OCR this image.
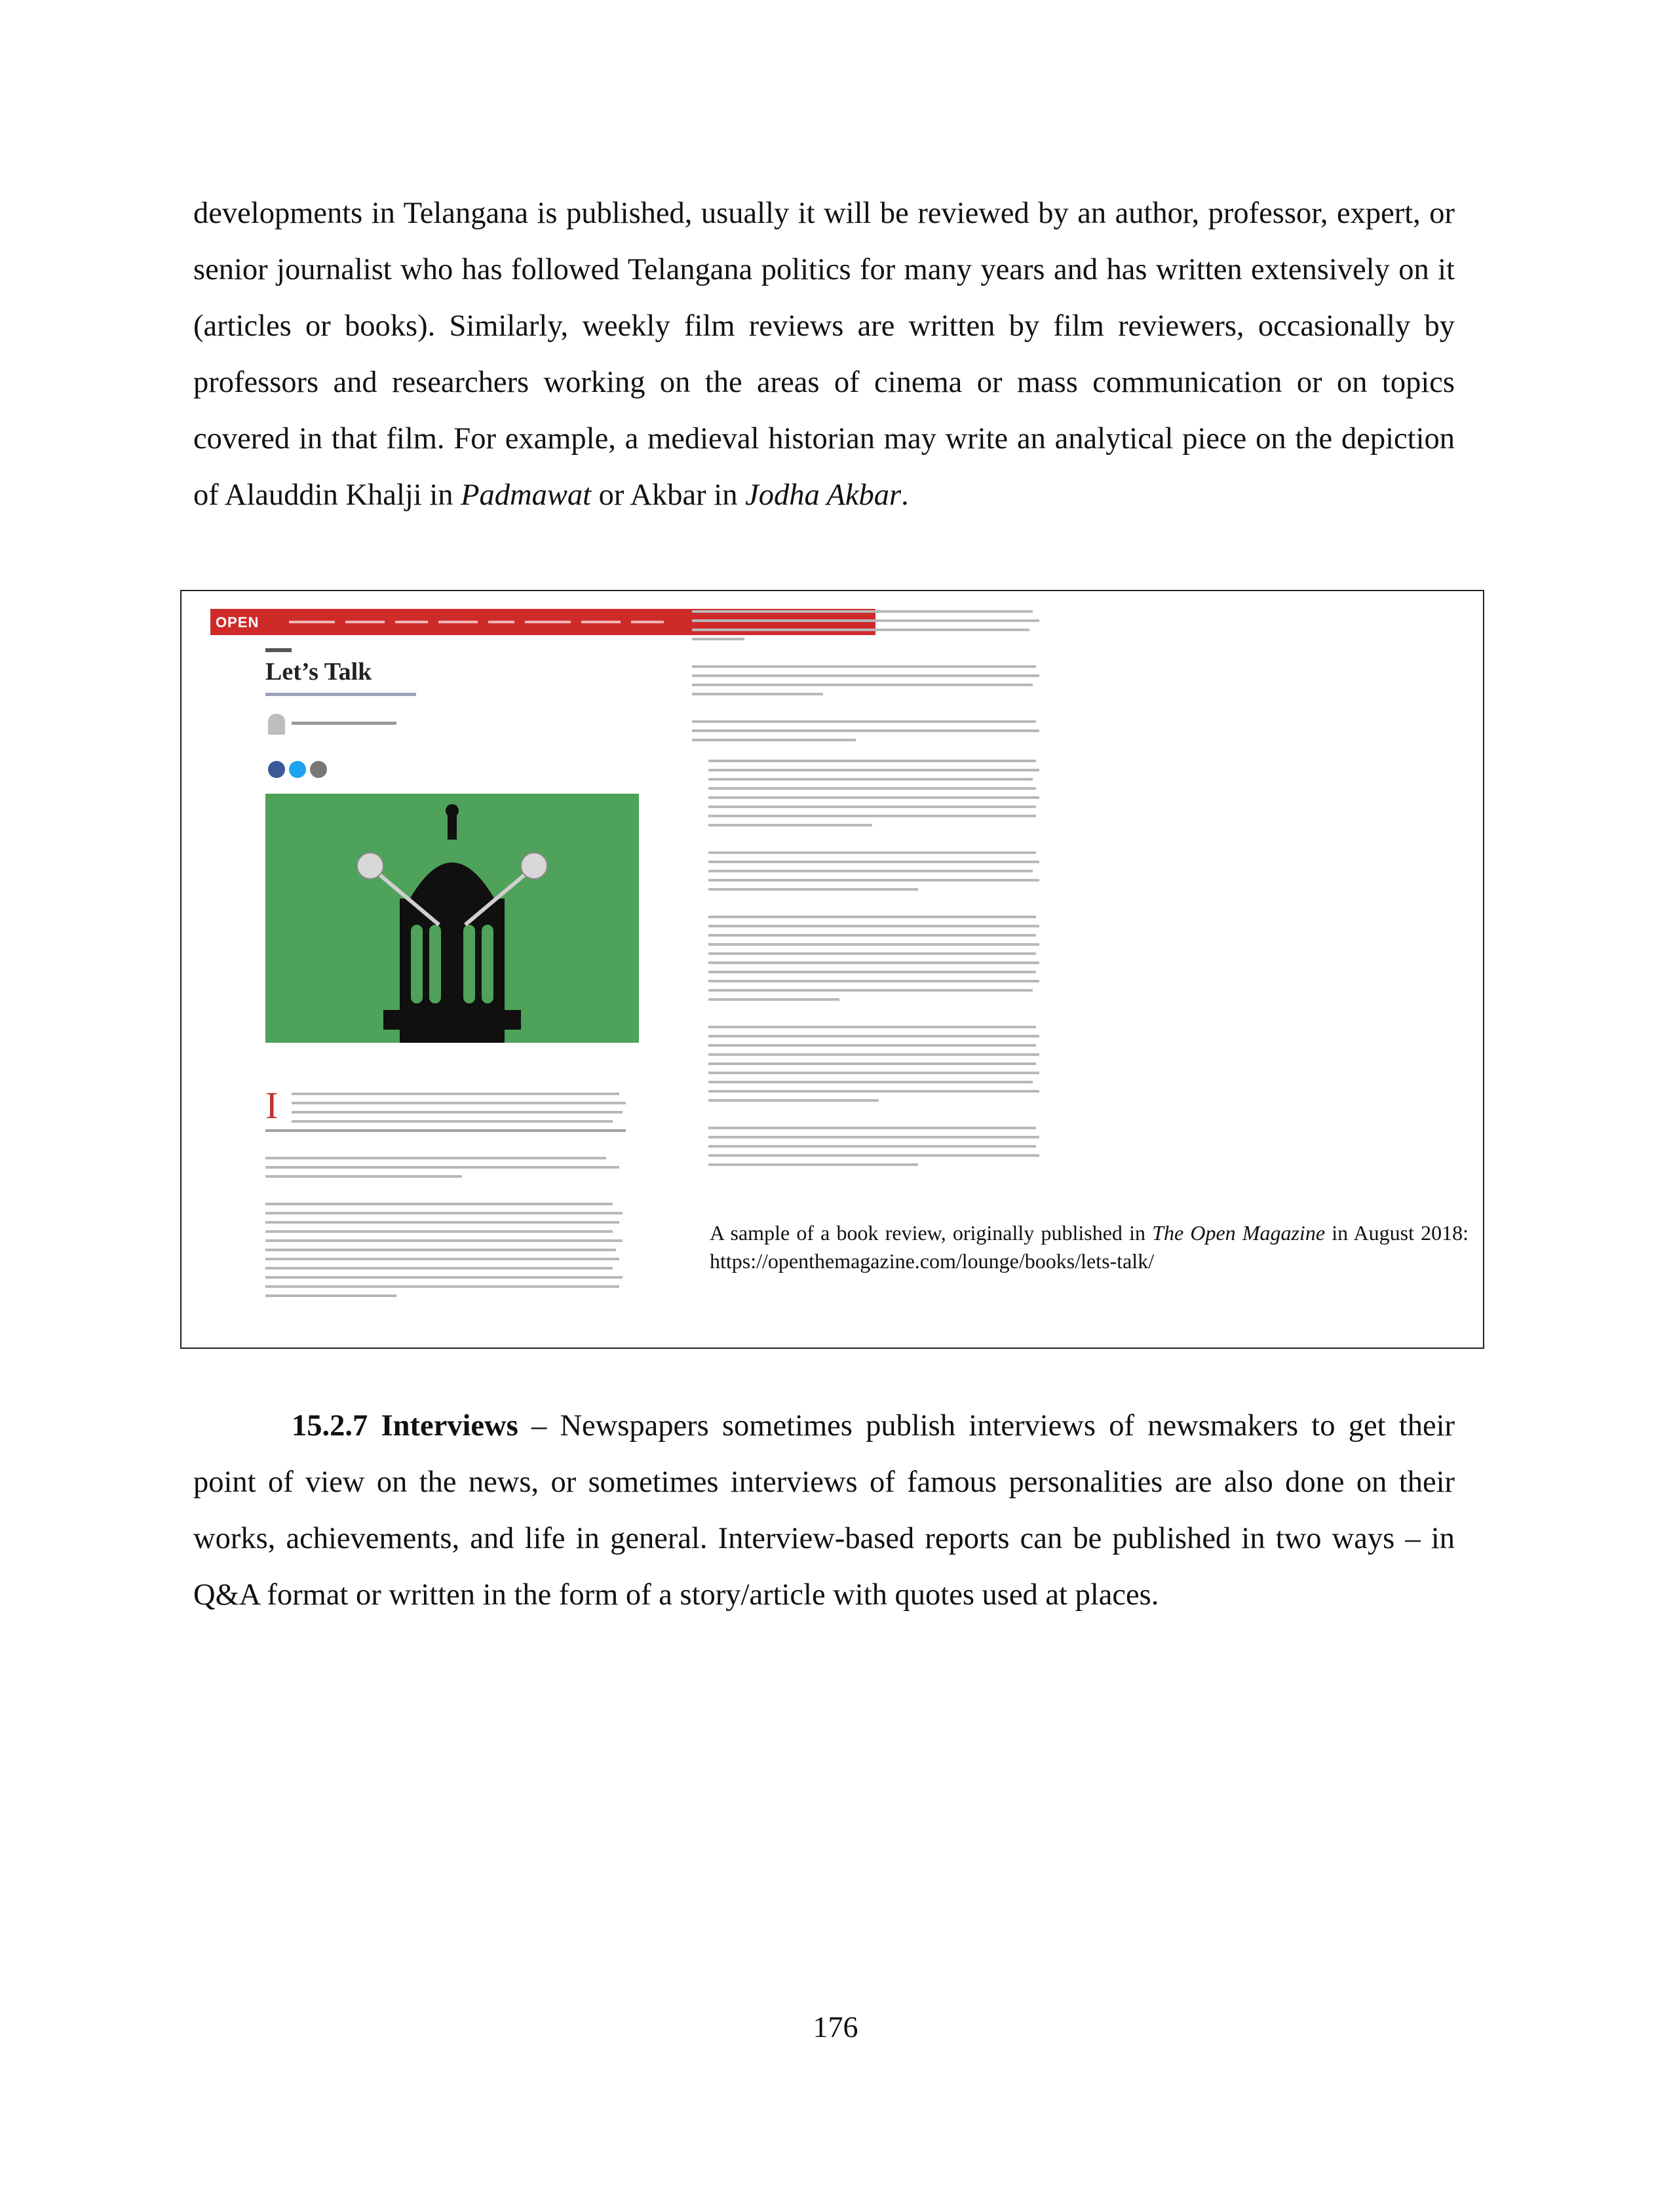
developments in Telangana is published, usually it will be reviewed by an author, professor, expert, or senior journalist who has followed Telangana politics for many years and has written extensively on it (articles or books). Similarly, weekly film reviews are written by film reviewers, occasionally by professors and researchers working on the areas of cinema or mass communication or on topics covered in that film. For example, a medieval historian may write an analytical piece on the depiction of Alauddin Khalji in Padmawat or Akbar in Jodha Akbar.

OPEN
Let’s Talk
I

A sample of a book review, originally published in The Open Magazine in August 2018: https://openthemagazine.com/lounge/books/lets-talk/

15.2.7 Interviews – Newspapers sometimes publish interviews of newsmakers to get their point of view on the news, or sometimes interviews of famous personalities are also done on their works, achievements, and life in general. Interview-based reports can be published in two ways – in Q&A format or written in the form of a story/article with quotes used at places.

176
